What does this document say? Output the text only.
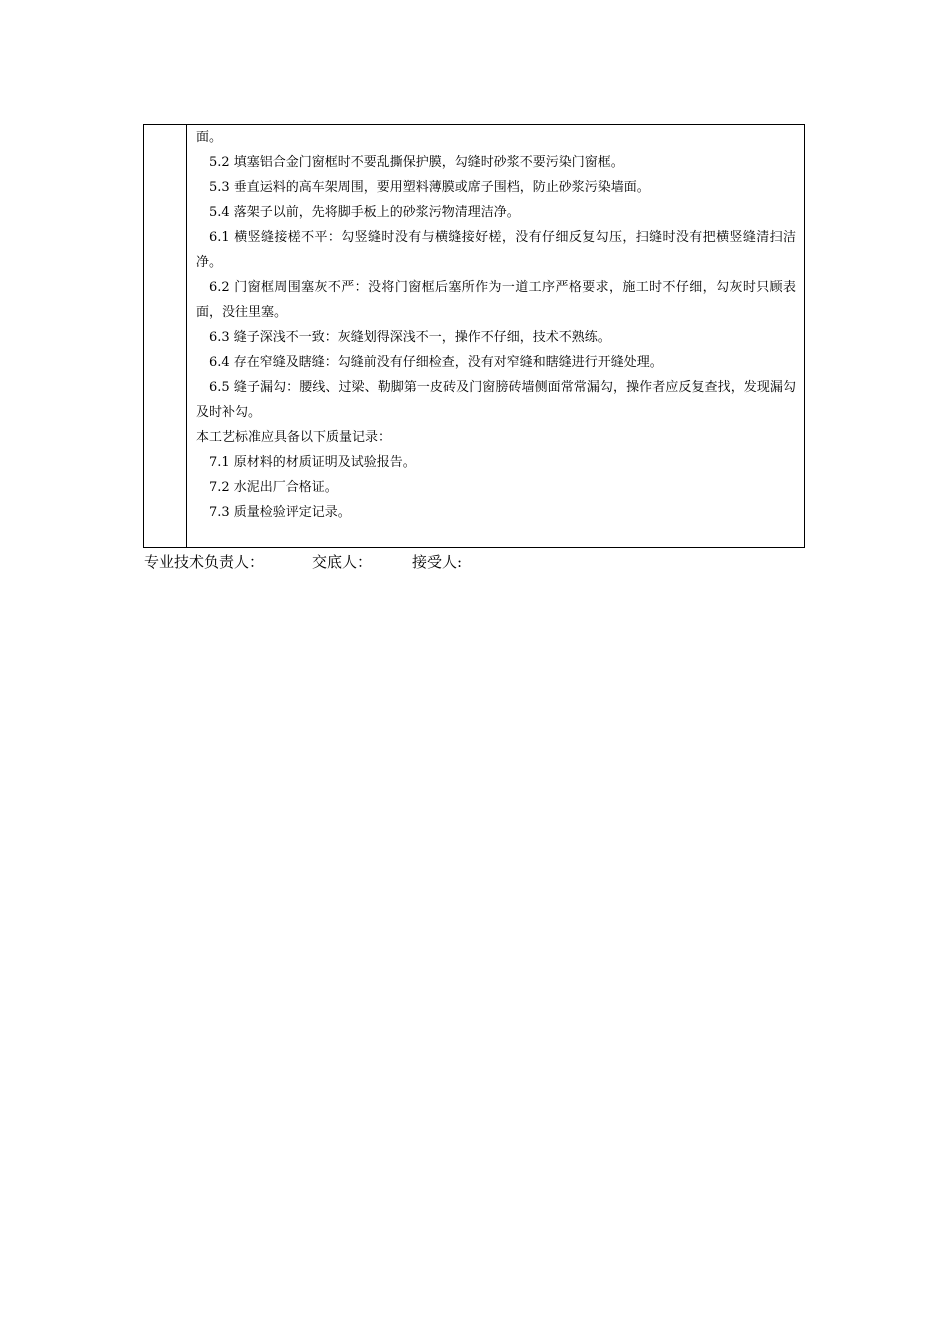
面。

5.2 填塞铝合金门窗框时不要乱撕保护膜，勾缝时砂浆不要污染门窗框。

5.3 垂直运料的高车架周围，要用塑料薄膜或席子围档，防止砂浆污染墙面。

5.4 落架子以前，先将脚手板上的砂浆污物清理洁净。

6.1 横竖缝接槎不平：勾竖缝时没有与横缝接好槎，没有仔细反复勾压，扫缝时没有把横竖缝清扫洁净。

6.2 门窗框周围塞灰不严：没将门窗框后塞所作为一道工序严格要求，施工时不仔细，勾灰时只顾表面，没往里塞。

6.3 缝子深浅不一致：灰缝划得深浅不一，操作不仔细，技术不熟练。

6.4 存在窄缝及瞎缝：勾缝前没有仔细检查，没有对窄缝和瞎缝进行开缝处理。

6.5 缝子漏勾：腰线、过梁、勒脚第一皮砖及门窗膀砖墙侧面常常漏勾，操作者应反复查找，发现漏勾及时补勾。

本工艺标准应具备以下质量记录：

7.1 原材料的材质证明及试验报告。

7.2 水泥出厂合格证。

7.3 质量检验评定记录。

专业技术负责人：	交底人：	接受人:
